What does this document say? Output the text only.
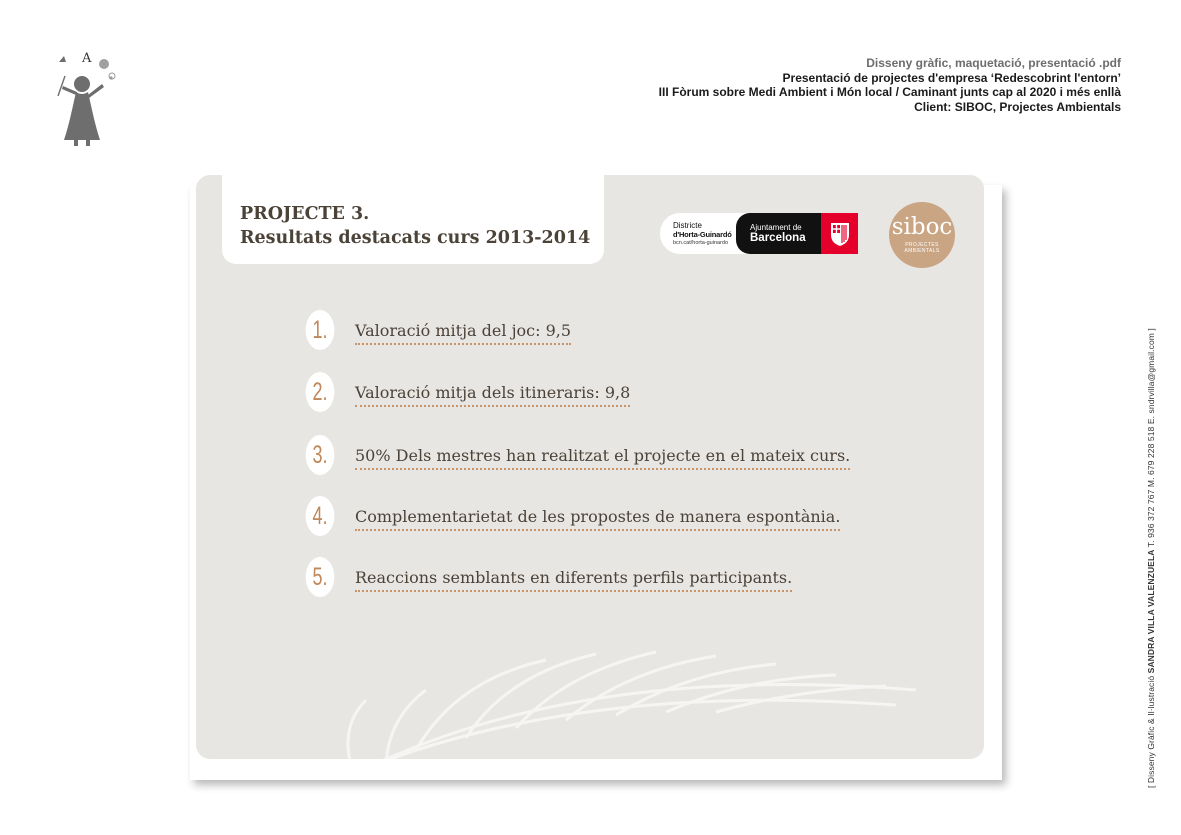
A	Disseny gràfic, maquetació, presentació .pdf
Presentació de projectes d'empresa ‘Redescobrint l'entorn’
III Fòrum sobre Medi Ambient i Món local / Caminant junts cap al 2020 i més enllà
Client: SIBOC, Projectes Ambientals
[ Disseny Gràfic & Il·lustració SANDRA VILLA VALENZUELA T. 936 372 767 M. 679 228 518 E. sndrvilla@gmail.com ]
PROJECTE 3.
Resultats destacats curs 2013-2014
Districte
d'Horta-Guinardó
bcn.cat/horta-guinardo
Ajuntament de
Barcelona	siboc
PROJECTES AMBIENTALS
1.	Valoració mitja del joc: 9,5
2.	Valoració mitja dels itineraris: 9,8
3.	50% Dels mestres han realitzat el projecte en el mateix curs.
4.	Complementarietat de les propostes de manera espontània.
5.	Reaccions semblants en diferents perfils participants.
